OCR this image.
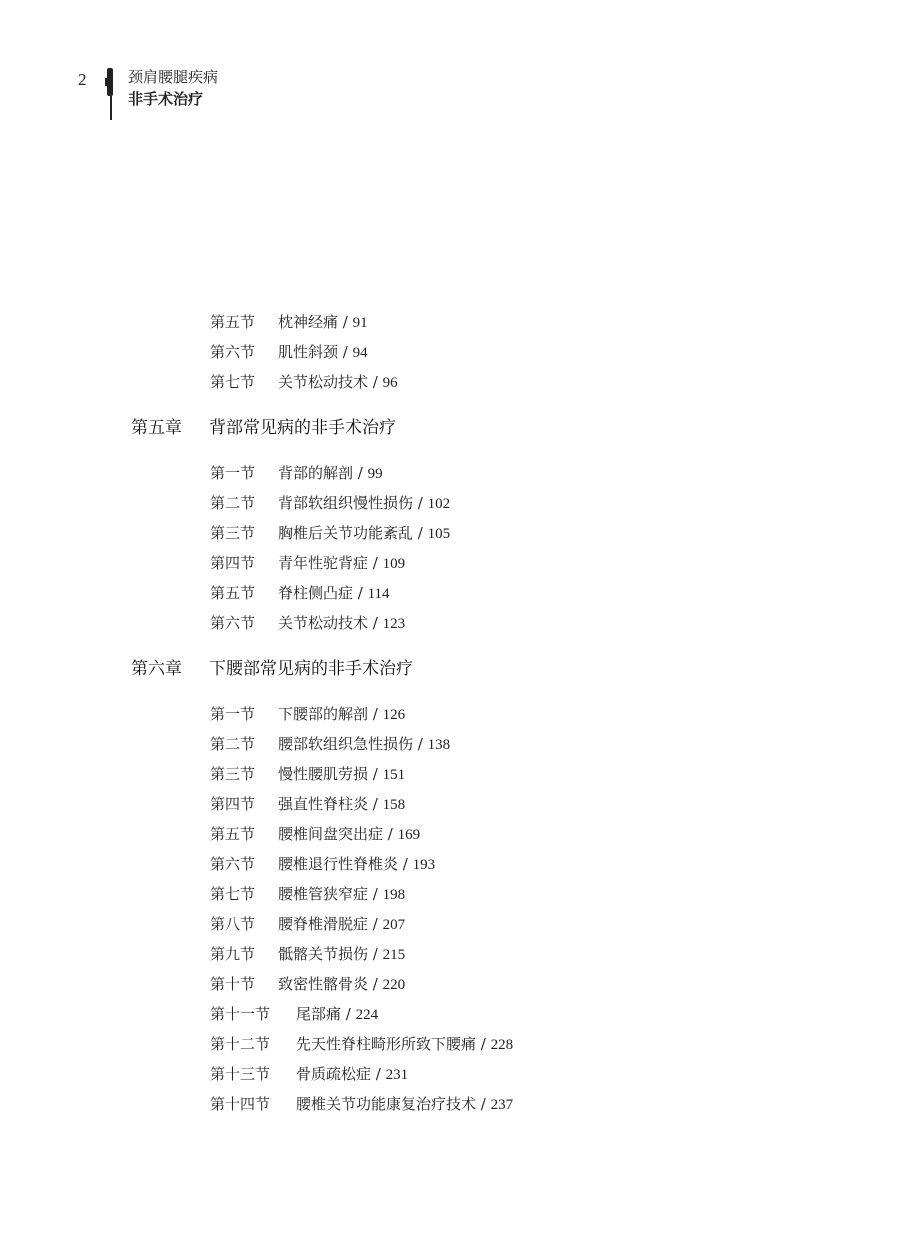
2	颈肩腰腿疾病
非手术治疗
第五节 枕神经痛 / 91
第六节 肌性斜颈 / 94
第七节 关节松动技术 / 96
第五章 背部常见病的非手术治疗
第一节 背部的解剖 / 99
第二节 背部软组织慢性损伤 / 102
第三节 胸椎后关节功能紊乱 / 105
第四节 青年性驼背症 / 109
第五节 脊柱侧凸症 / 114
第六节 关节松动技术 / 123
第六章 下腰部常见病的非手术治疗
第一节 下腰部的解剖 / 126
第二节 腰部软组织急性损伤 / 138
第三节 慢性腰肌劳损 / 151
第四节 强直性脊柱炎 / 158
第五节 腰椎间盘突出症 / 169
第六节 腰椎退行性脊椎炎 / 193
第七节 腰椎管狭窄症 / 198
第八节 腰脊椎滑脱症 / 207
第九节 骶髂关节损伤 / 215
第十节 致密性髂骨炎 / 220
第十一节 尾部痛 / 224
第十二节 先天性脊柱畸形所致下腰痛 / 228
第十三节 骨质疏松症 / 231
第十四节 腰椎关节功能康复治疗技术 / 237
